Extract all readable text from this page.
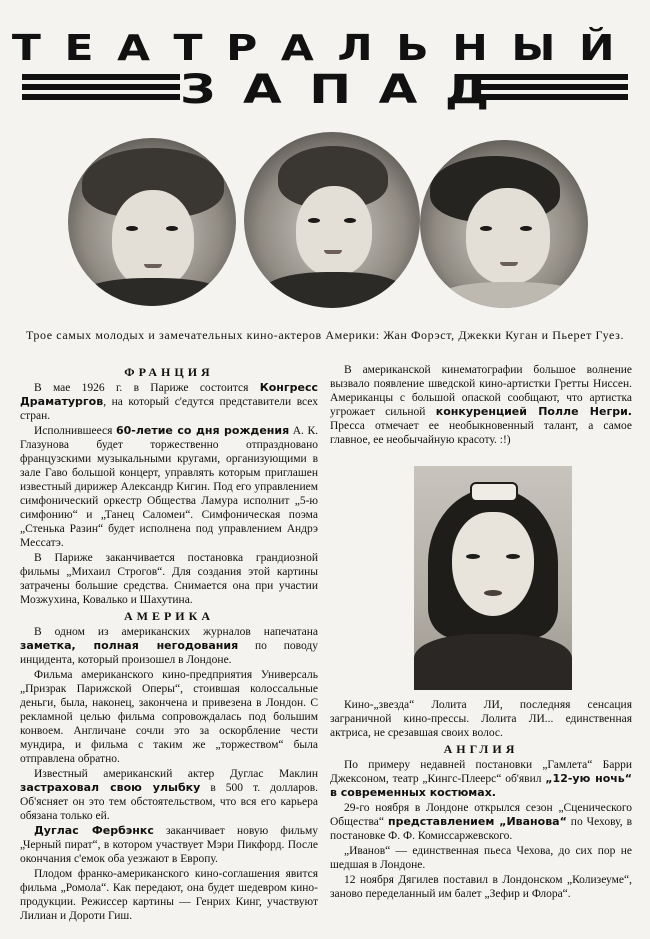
ТЕАТРАЛЬНЫЙ
ЗАПАД
Трое самых молодых и замечательных кино-актеров Америки: Жан Форэст, Джекки Куган и Пьерет Гуез.
ФРАНЦИЯ

В мае 1926 г. в Париже состоится Конгресс Драматургов, на который с'едутся представители всех стран.

Исполнившееся 60-летие со дня рождения А. К. Глазунова будет торжественно отпраздновано французскими музыкальными кругами, организующими в зале Гаво большой концерт, управлять которым приглашен известный дирижер Александр Кигин. Под его управлением симфонический оркестр Общества Ламура исполнит „5-ю симфонию“ и „Танец Саломеи“. Симфоническая поэма „Стенька Разин“ будет исполнена под управлением Андрэ Мессатэ.

В Париже заканчивается постановка грандиозной фильмы „Михаил Строгов“. Для создания этой картины затрачены большие средства. Снимается она при участии Мозжухина, Ковалько и Шахутина.

АМЕРИКА

В одном из американских журналов напечатана заметка, полная негодования по поводу инцидента, который произошел в Лондоне.

Фильма американского кино-предприятия Универсаль „Призрак Парижской Оперы“, стоившая колоссальные деньги, была, наконец, закончена и привезена в Лондон. С рекламной целью фильма сопровождалась под большим конвоем. Англичане сочли это за оскорбление чести мундира, и фильма с таким же „торжеством“ была отправлена обратно.

Известный американский актер Дуглас Маклин застраховал свою улыбку в 500 т. долларов. Об'ясняет он это тем обстоятельством, что вся его карьера обязана только ей.

Дуглас Фербэнкс заканчивает новую фильму „Черный пират“, в котором участвует Мэри Пикфорд. После окончания с'емок оба уезжают в Европу.

Плодом франко-американского кино-соглашения явится фильма „Ромола“. Как передают, она будет шедевром кино-продукции. Режиссер картины — Генрих Кинг, участвуют Лилиан и Дороти Гиш.

В американской кинематографии большое волнение вызвало появление шведской кино-артистки Гретты Ниссен. Американцы с большой опаской сообщают, что артистка угрожает сильной конкуренцией Полле Негри. Пресса отмечает ее необыкновенный талант, а самое главное, ее необычайную красоту. :!)

Кино-„звезда“ Лолита ЛИ, последняя сенсация заграничной кино-прессы. Лолита ЛИ... единственная актриса, не срезавшая своих волос.

АНГЛИЯ

По примеру недавней постановки „Гамлета“ Барри Джексоном, театр „Кингс-Плеерс“ об'явил „12-ую ночь“ в современных костюмах.

29-го ноября в Лондоне открылся сезон „Сценического Общества“ представлением „Иванова“ по Чехову, в постановке Ф. Ф. Комиссаржевского.

„Иванов“ — единственная пьеса Чехова, до сих пор не шедшая в Лондоне.

12 ноября Дягилев поставил в Лондонском „Колизеуме“, заново переделанный им балет „Зефир и Флора“.
